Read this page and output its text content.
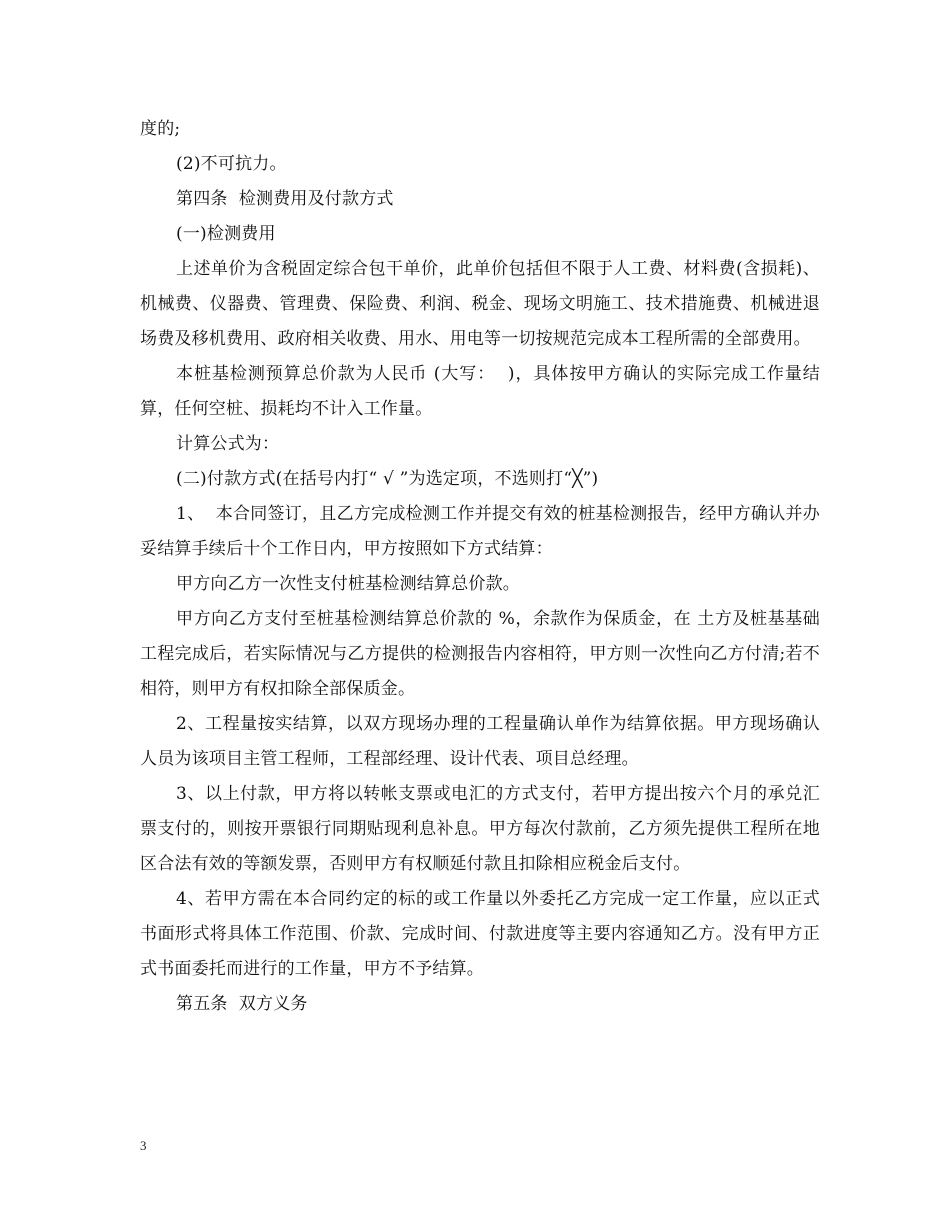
度的;

(2)不可抗力。

第四条  检测费用及付款方式

(一)检测费用

上述单价为含税固定综合包干单价，此单价包括但不限于人工费、材料费(含损耗)、机械费、仪器费、管理费、保险费、利润、税金、现场文明施工、技术措施费、机械进退场费及移机费用、政府相关收费、用水、用电等一切按规范完成本工程所需的全部费用。

本桩基检测预算总价款为人民币 (大写：  )，具体按甲方确认的实际完成工作量结算，任何空桩、损耗均不计入工作量。

计算公式为：

(二)付款方式(在括号内打“ √ ”为选定项，不选则打“╳”)

1、  本合同签订，且乙方完成检测工作并提交有效的桩基检测报告，经甲方确认并办妥结算手续后十个工作日内，甲方按照如下方式结算：

甲方向乙方一次性支付桩基检测结算总价款。

甲方向乙方支付至桩基检测结算总价款的 %，余款作为保质金，在 土方及桩基基础工程完成后，若实际情况与乙方提供的检测报告内容相符，甲方则一次性向乙方付清;若不相符，则甲方有权扣除全部保质金。

2、工程量按实结算，以双方现场办理的工程量确认单作为结算依据。甲方现场确认人员为该项目主管工程师，工程部经理、设计代表、项目总经理。

3、以上付款，甲方将以转帐支票或电汇的方式支付，若甲方提出按六个月的承兑汇票支付的，则按开票银行同期贴现利息补息。甲方每次付款前，乙方须先提供工程所在地区合法有效的等额发票，否则甲方有权顺延付款且扣除相应税金后支付。

4、若甲方需在本合同约定的标的或工作量以外委托乙方完成一定工作量，应以正式书面形式将具体工作范围、价款、完成时间、付款进度等主要内容通知乙方。没有甲方正式书面委托而进行的工作量，甲方不予结算。

第五条  双方义务

3
